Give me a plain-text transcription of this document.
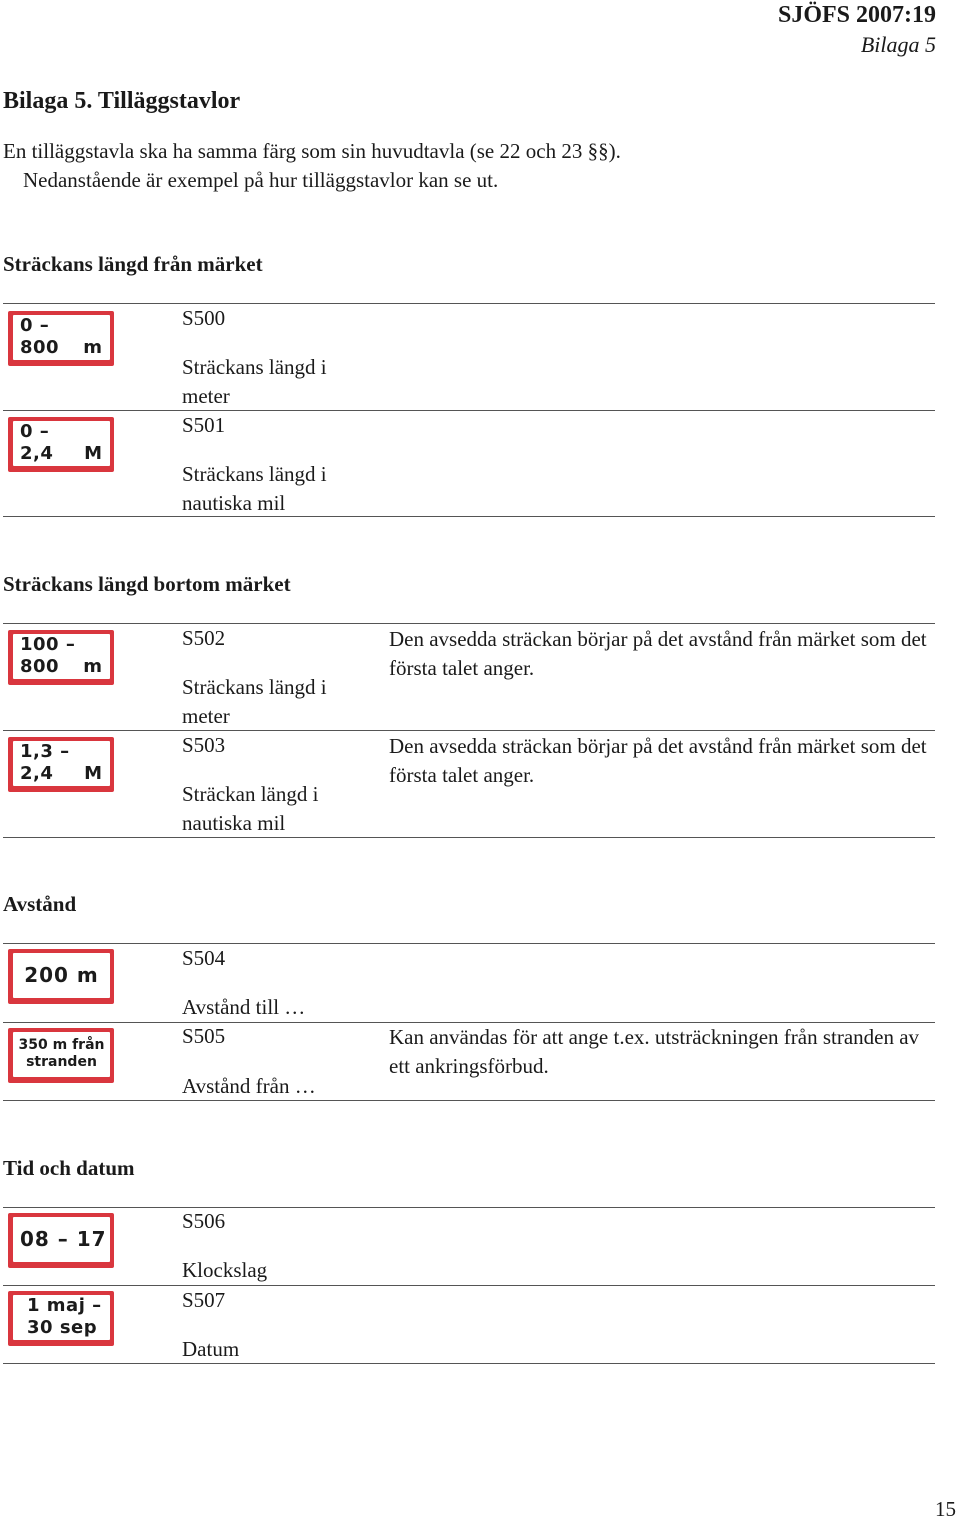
SJÖFS 2007:19
Bilaga 5
Bilaga 5. Tilläggstavlor
En tilläggstavla ska ha samma färg som sin huvudtavla (se 22 och 23 §§).
Nedanstående är exempel på hur tilläggstavlor kan se ut.
Sträckans längd från märket
0 –
800 m
S500
Sträckans längd i meter
0 –
2,4 M
S501
Sträckans längd i nautiska mil
Sträckans längd bortom märket
100 –
800 m
S502
Sträckans längd i meter
Den avsedda sträckan börjar på det avstånd från märket som det första talet anger.
1,3 –
2,4 M
S503
Sträckan längd i nautiska mil
Den avsedda sträckan börjar på det avstånd från märket som det första talet anger.
Avstånd
200 m
S504
Avstånd till …
350 m från
stranden
S505
Avstånd från …
Kan användas för att ange t.ex. utsträckningen från stranden av ett ankringsförbud.
Tid och datum
08 – 17
S506
Klockslag
1 maj –
30 sep
S507
Datum
15
